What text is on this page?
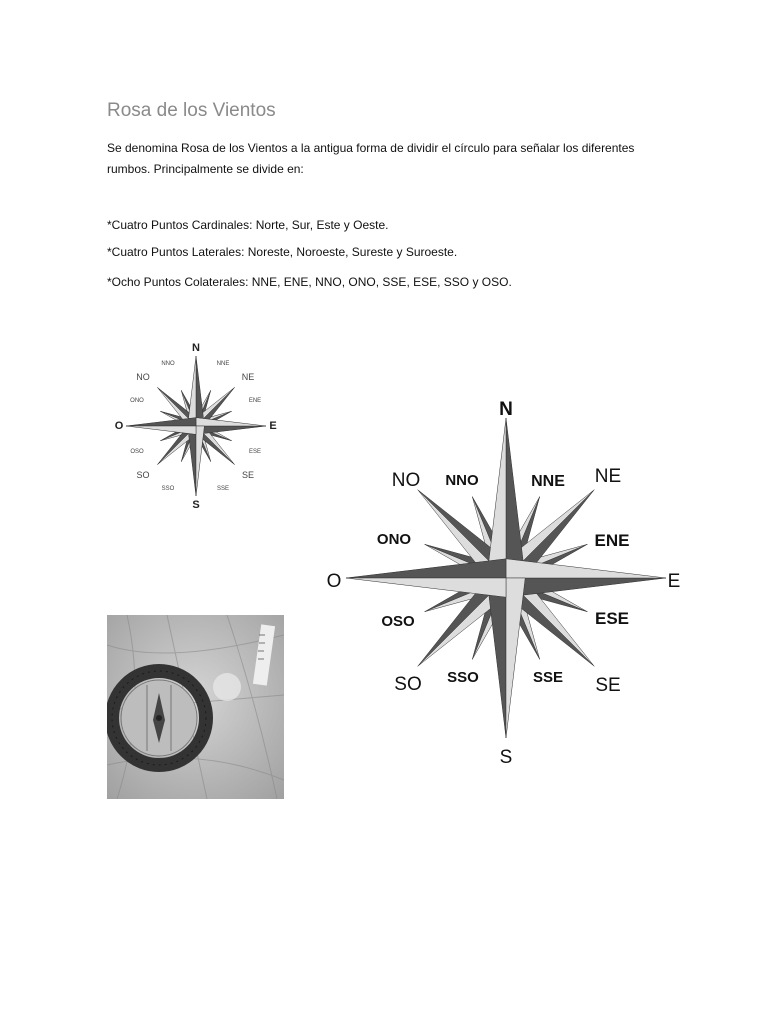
Rosa de los Vientos

Se denomina Rosa de los Vientos a la antigua forma de dividir el círculo para señalar los diferentes rumbos. Principalmente se divide en:

*Cuatro Puntos Cardinales: Norte, Sur, Este y Oeste.

*Cuatro Puntos Laterales: Noreste, Noroeste, Sureste y Suroeste.

*Ocho Puntos Colaterales: NNE, ENE, NNO, ONO, SSE, ESE, SSO y OSO.

N
NNO	NNE
NO	NE
ONO	ENE
O	E
OSO	ESE
SO	SE
SSO	SSE
S
N
NO NNO	NNE NE
ONO	ENE
O	E
OSO	ESE
SO SSO	SSE SE
S
